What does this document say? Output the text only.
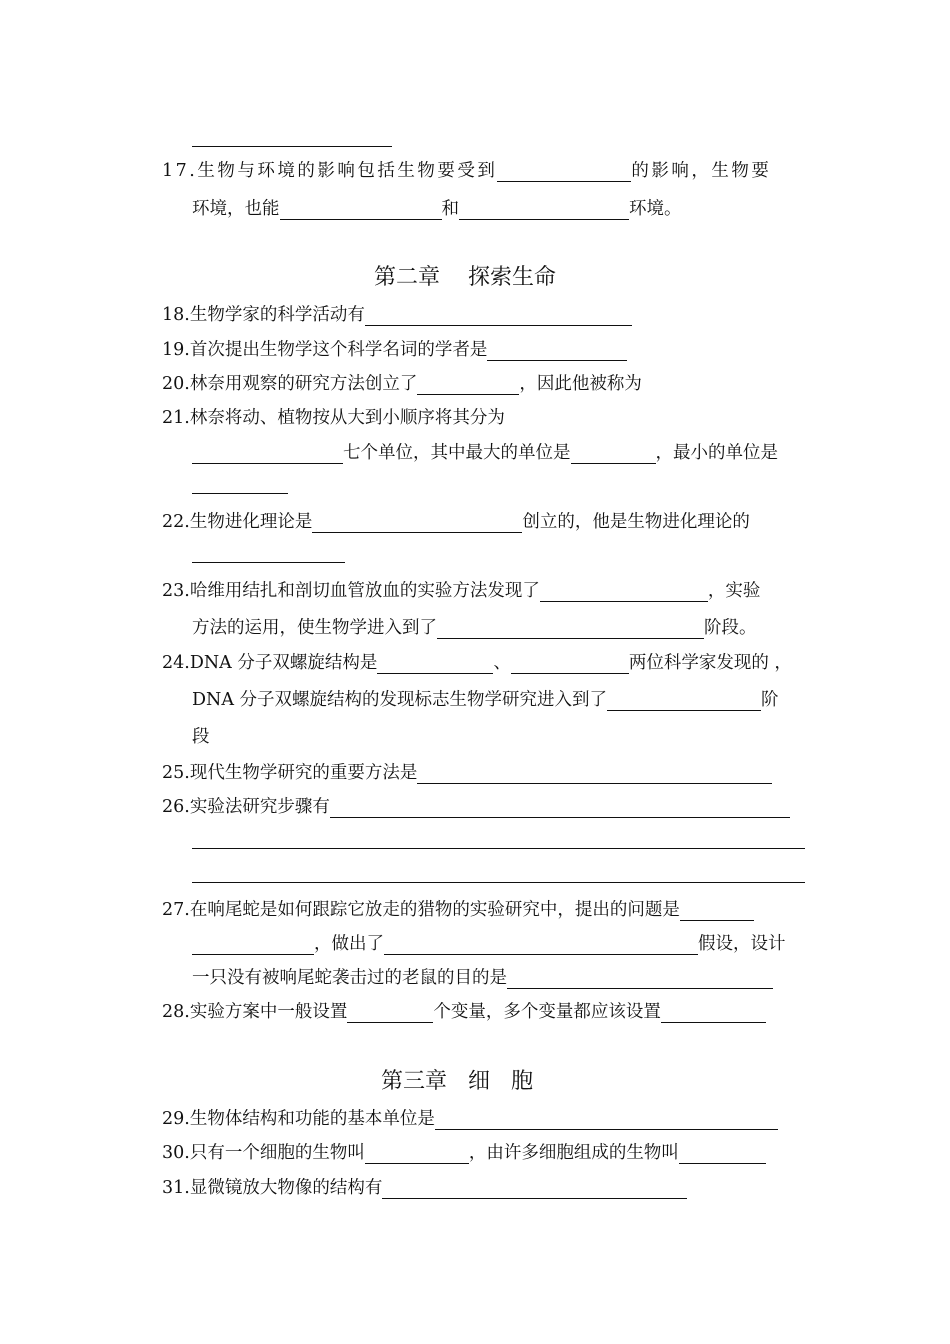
17.生物与环境的影响包括生物要受到	的影响，生物要
环境，也能	和	环境。
第二章    探索生命
18.生物学家的科学活动有
19.首次提出生物学这个科学名词的学者是
20.林奈用观察的研究方法创立了	，因此他被称为
21.林奈将动、植物按从大到小顺序将其分为
七个单位，其中最大的单位是	，最小的单位是
22.生物进化理论是	创立的，他是生物进化理论的
23.哈维用结扎和剖切血管放血的实验方法发现了	，实验
方法的运用，使生物学进入到了	阶段。
24.DNA 分子双螺旋结构是	、	两位科学家发现的 ，
DNA 分子双螺旋结构的发现标志生物学研究进入到了	阶
段
25.现代生物学研究的重要方法是
26.实验法研究步骤有
27.在响尾蛇是如何跟踪它放走的猎物的实验研究中，提出的问题是
，做出了	假设，设计
一只没有被响尾蛇袭击过的老鼠的目的是
28.实验方案中一般设置	个变量，多个变量都应该设置
第三章   细   胞
29.生物体结构和功能的基本单位是
30.只有一个细胞的生物叫	，由许多细胞组成的生物叫
31.显微镜放大物像的结构有
